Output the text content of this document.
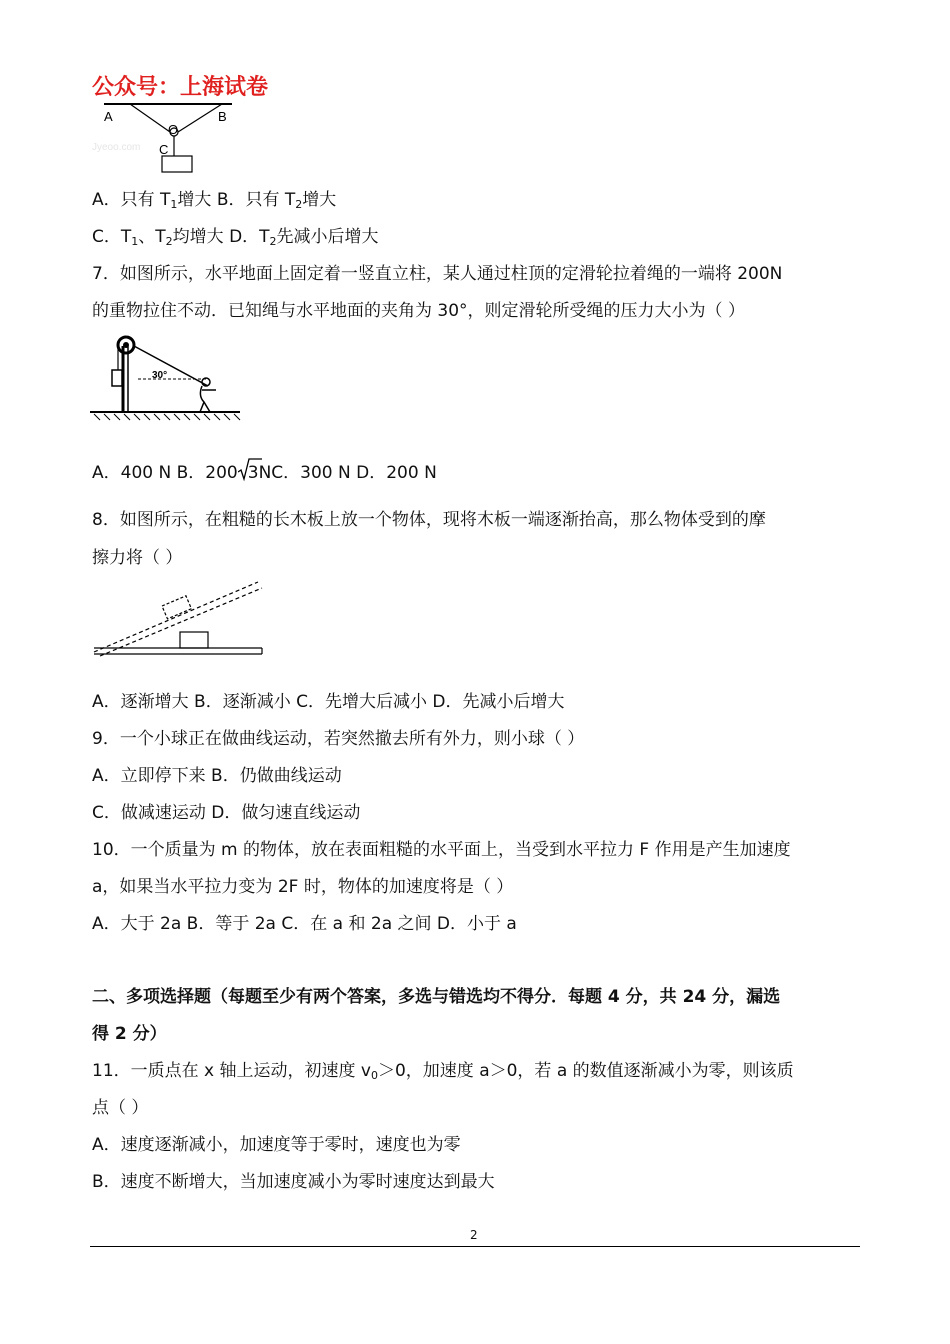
公众号：上海试卷
A	B
O
C
Jyeoo.com
A．只有 $T_1$增大 B．只有 $T_2$增大
C．$T_1$、$T_2$均增大 D．$T_2$先减小后增大
7．如图所示，水平地面上固定着一竖直立柱，某人通过柱顶的定滑轮拉着绳的一端将 200N
的重物拉住不动．已知绳与水平地面的夹角为 30°，则定滑轮所受绳的压力大小为（ ）
30°
A．400 N B．200 3NC．300 N D．200 N
8．如图所示，在粗糙的长木板上放一个物体，现将木板一端逐渐抬高，那么物体受到的摩
擦力将（ ）
A．逐渐增大 B．逐渐减小 C．先增大后减小 D．先减小后增大
9．一个小球正在做曲线运动，若突然撤去所有外力，则小球（ ）
A．立即停下来 B．仍做曲线运动
C．做减速运动 D．做匀速直线运动
10．一个质量为 m 的物体，放在表面粗糙的水平面上，当受到水平拉力 F 作用是产生加速度
a，如果当水平拉力变为 2F 时，物体的加速度将是（ ）
A．大于 2a B．等于 2a C．在 a 和 2a 之间 D．小于 a
二、多项选择题（每题至少有两个答案，多选与错选均不得分．每题 4 分，共 24 分，漏选
得 2 分）
11．一质点在 x 轴上运动，初速度 $v_0>0$，加速度 a＞0，若 a 的数值逐渐减小为零，则该质
点（ ）
A．速度逐渐减小，加速度等于零时，速度也为零
B．速度不断增大，当加速度减小为零时速度达到最大
2
